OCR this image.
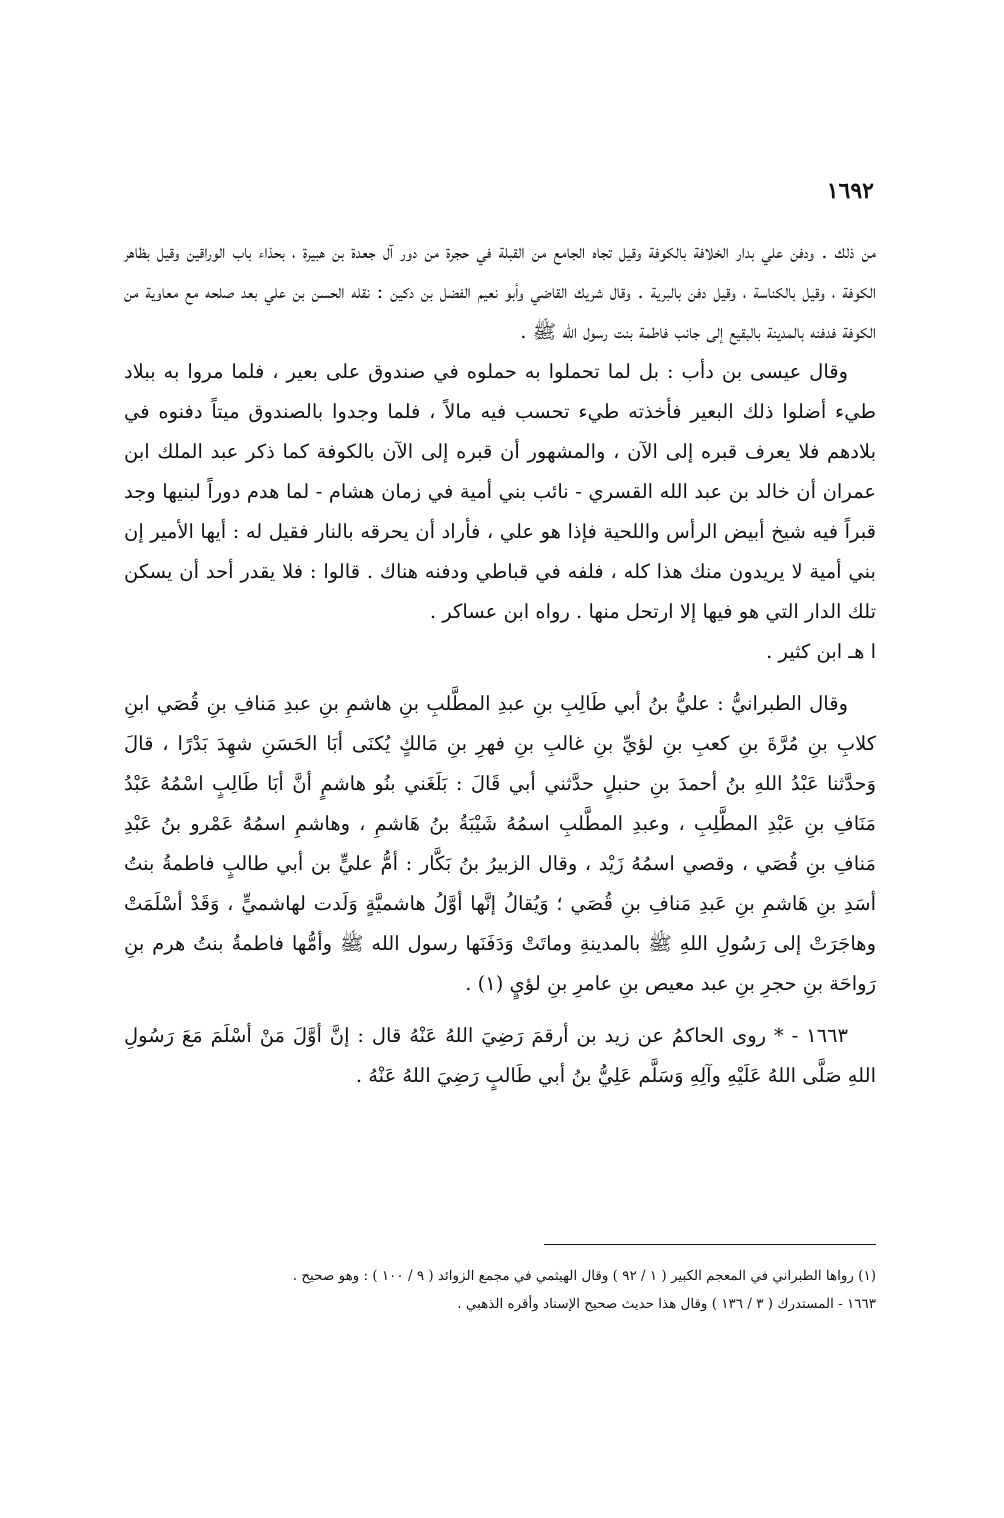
١٦٩٢

من ذلك . ودفن علي بدار الخلافة بالكوفة وقيل تجاه الجامع من القبلة في حجرة من دور آل جعدة بن هبيرة ، بحذاء باب الوراقين وقيل بظاهر الكوفة ، وقيل بالكناسة ، وقيل دفن بالبرية . وقال شريك القاضي وأبو نعيم الفضل بن دكين : نقله الحسن بن علي بعد صلحه مع معاوية من الكوفة فدفنه بالمدينة بالبقيع إلى جانب فاطمة بنت رسول الله ﷺ .

وقال عيسى بن دأب : بل لما تحملوا به حملوه في صندوق على بعير ، فلما مروا به ببلاد طيء أضلوا ذلك البعير فأخذته طيء تحسب فيه مالاً ، فلما وجدوا بالصندوق ميتاً دفنوه في بلادهم فلا يعرف قبره إلى الآن ، والمشهور أن قبره إلى الآن بالكوفة كما ذكر عبد الملك ابن عمران أن خالد بن عبد الله القسري - نائب بني أمية في زمان هشام - لما هدم دوراً لبنيها وجد قبراً فيه شيخ أبيض الرأس واللحية فإذا هو علي ، فأراد أن يحرقه بالنار فقيل له : أيها الأمير إن بني أمية لا يريدون منك هذا كله ، فلفه في قباطي ودفنه هناك . قالوا : فلا يقدر أحد أن يسكن تلك الدار التي هو فيها إلا ارتحل منها . رواه ابن عساكر .

ا هـ ابن كثير .

وقال الطبرانيُّ : عليُّ بنُ أبي طَالِبِ بنِ عبدِ المطَّلبِ بنِ هاشمِ بنِ عبدِ مَنافِ بنِ قُصَي ابنِ كلابِ بنِ مُرَّةَ بنِ كعبِ بنِ لؤيِّ بنِ غالبِ بنِ فهرِ بنِ مَالكٍ يُكنَى أبَا الحَسَنِ شهِدَ بَدْرًا ، قالَ وَحدَّثنا عَبْدُ اللهِ بنُ أحمدَ بنِ حنبلٍ حدَّثني أبي قَالَ : بَلَغَني بنُو هاشمٍ أنَّ أبَا طَالِبٍ اسْمُهُ عَبْدُ مَنَافِ بنِ عَبْدِ المطَّلِبِ ، وعبدِ المطَّلبِ اسمُهُ شَيْبَةُ بنُ هَاشمِ ، وهاشمِ اسمُهُ عَمْرو بنُ عَبْدِ مَنافِ بنِ قُصَي ، وقصي اسمُهُ زَيْد ، وقال الزبيرُ بنُ بَكَّار : أمُّ عليٍّ بن أبي طالبٍ فاطمةُ بنتُ أسَدِ بنِ هَاشمِ بنِ عَبدِ مَنافِ بنِ قُصَي ؛ وَيُقالُ إنَّها أوَّلُ هاشميَّةٍ وَلَدت لهاشميٍّ ، وَقَدْ أسْلَمَتْ وهاجَرَتْ إلى رَسُولِ اللهِ ﷺ بالمدينةِ وماتَتْ وَدَفَنَها رسول الله ﷺ وأمُّها فاطمةُ بنتُ هرم بنِ رَواحَة بنِ حجرِ بنِ عبد معيص بنِ عامرِ بنِ لؤيٍ (١) .

١٦٦٣ - * روى الحاكمُ عن زيد بن أرقمَ رَضِيَ اللهُ عَنْهُ قال : إنَّ أوَّلَ مَنْ أسْلَمَ مَعَ رَسُولِ اللهِ صَلَّى اللهُ عَلَيْهِ وآلِهِ وَسَلَّم عَلِيُّ بنُ أبي طَالبٍ رَضِيَ اللهُ عَنْهُ .

(١) رواها الطبراني في المعجم الكبير ( ١ / ٩٢ ) وقال الهيثمي في مجمع الزوائد ( ٩ / ١٠٠ ) : وهو صحيح .

١٦٦٣ - المستدرك ( ٣ / ١٣٦ ) وقال هذا حديث صحيح الإسناد وأقره الذهبي .
